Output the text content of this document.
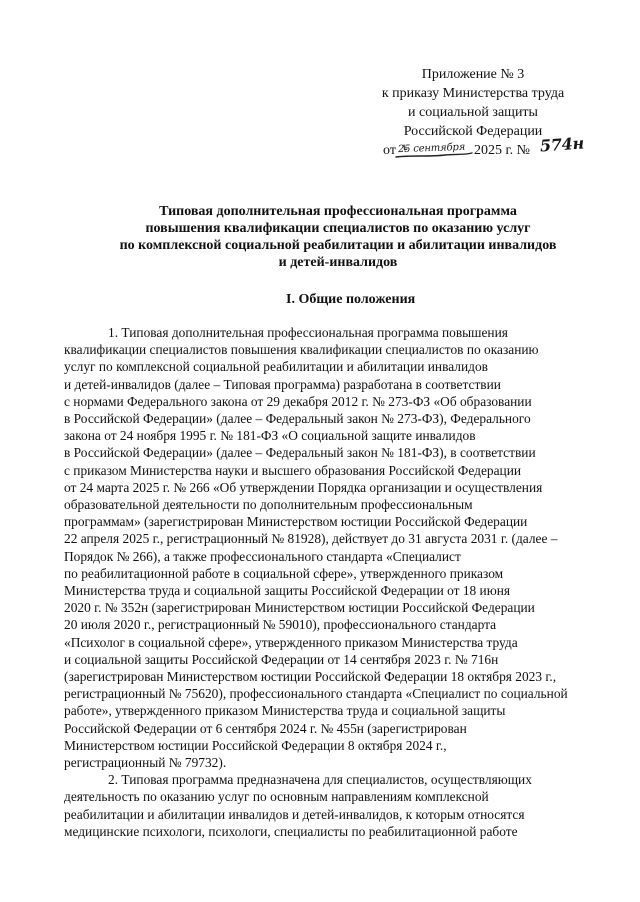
Приложение № 3
к приказу Министерства труда
и социальной защиты
Российской Федерации
от 25 сентября 2025 г. № 574н
Типовая дополнительная профессиональная программа
повышения квалификации специалистов по оказанию услуг
по комплексной социальной реабилитации и абилитации инвалидов
и детей-инвалидов
I. Общие положения
1. Типовая дополнительная профессиональная программа повышения
квалификации специалистов повышения квалификации специалистов по оказанию
услуг по комплексной социальной реабилитации и абилитации инвалидов
и детей-инвалидов (далее – Типовая программа) разработана в соответствии
с нормами Федерального закона от 29 декабря 2012 г. № 273-ФЗ «Об образовании
в Российской Федерации» (далее – Федеральный закон № 273-ФЗ), Федерального
закона от 24 ноября 1995 г. № 181-ФЗ «О социальной защите инвалидов
в Российской Федерации» (далее – Федеральный закон № 181-ФЗ), в соответствии
с приказом Министерства науки и высшего образования Российской Федерации
от 24 марта 2025 г. № 266 «Об утверждении Порядка организации и осуществления
образовательной деятельности по дополнительным профессиональным
программам» (зарегистрирован Министерством юстиции Российской Федерации
22 апреля 2025 г., регистрационный № 81928), действует до 31 августа 2031 г. (далее –
Порядок № 266), а также профессионального стандарта «Специалист
по реабилитационной работе в социальной сфере», утвержденного приказом
Министерства труда и социальной защиты Российской Федерации от 18 июня
2020 г. № 352н (зарегистрирован Министерством юстиции Российской Федерации
20 июля 2020 г., регистрационный № 59010), профессионального стандарта
«Психолог в социальной сфере», утвержденного приказом Министерства труда
и социальной защиты Российской Федерации от 14 сентября 2023 г. № 716н
(зарегистрирован Министерством юстиции Российской Федерации 18 октября 2023 г.,
регистрационный № 75620), профессионального стандарта «Специалист по социальной
работе», утвержденного приказом Министерства труда и социальной защиты
Российской Федерации от 6 сентября 2024 г. № 455н (зарегистрирован
Министерством юстиции Российской Федерации 8 октября 2024 г.,
регистрационный № 79732).
2. Типовая программа предназначена для специалистов, осуществляющих
деятельность по оказанию услуг по основным направлениям комплексной
реабилитации и абилитации инвалидов и детей-инвалидов, к которым относятся
медицинские психологи, психологи, специалисты по реабилитационной работе
